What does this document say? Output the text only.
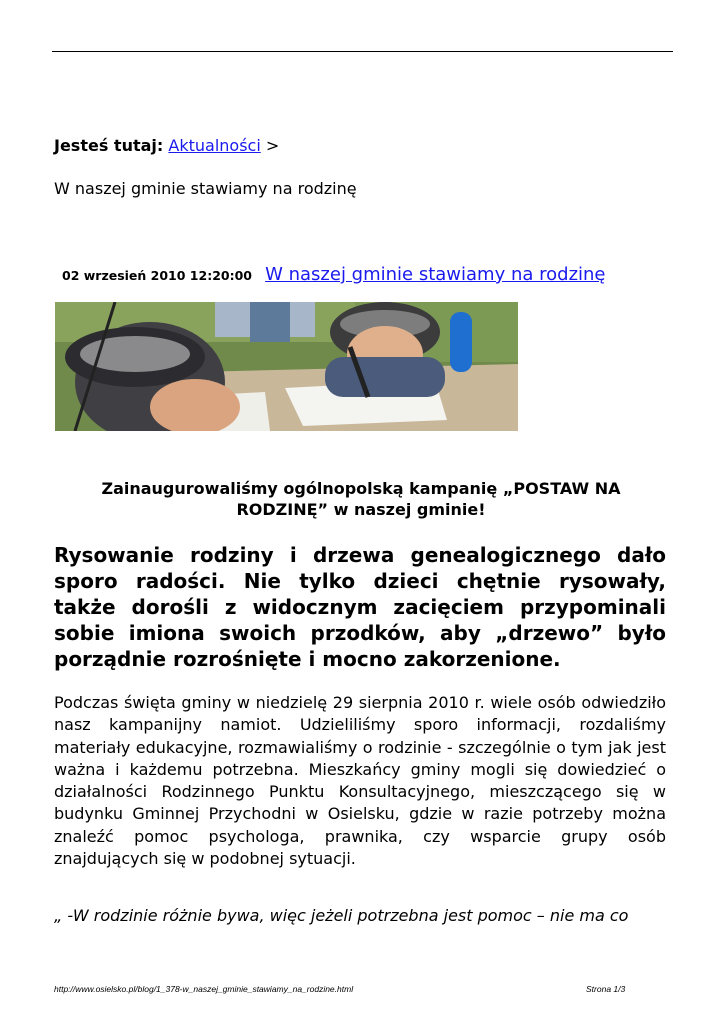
Jesteś tutaj: Aktualności >
W naszej gminie stawiamy na rodzinę
02 wrzesień 2010 12:20:00 W naszej gminie stawiamy na rodzinę
Zainaugurowaliśmy ogólnopolską kampanię „POSTAW NA RODZINĘ” w naszej gminie!
Rysowanie rodziny i drzewa genealogicznego dało sporo radości. Nie tylko dzieci chętnie rysowały, także dorośli z widocznym zacięciem przypominali sobie imiona swoich przodków, aby „drzewo” było porządnie rozrośnięte i mocno zakorzenione.
Podczas święta gminy w niedzielę 29 sierpnia 2010 r. wiele osób odwiedziło nasz kampanijny namiot. Udzieliliśmy sporo informacji, rozdaliśmy materiały edukacyjne, rozmawialiśmy o rodzinie - szczególnie o tym jak jest ważna i każdemu potrzebna. Mieszkańcy gminy mogli się dowiedzieć o działalności Rodzinnego Punktu Konsultacyjnego, mieszczącego się w budynku Gminnej Przychodni w Osielsku, gdzie w razie potrzeby można znaleźć pomoc psychologa, prawnika, czy wsparcie grupy osób znajdujących się w podobnej sytuacji.
„ -W rodzinie różnie bywa, więc jeżeli potrzebna jest pomoc – nie ma co
http://www.osielsko.pl/blog/1_378-w_naszej_gminie_stawiamy_na_rodzine.html	Strona 1/3
